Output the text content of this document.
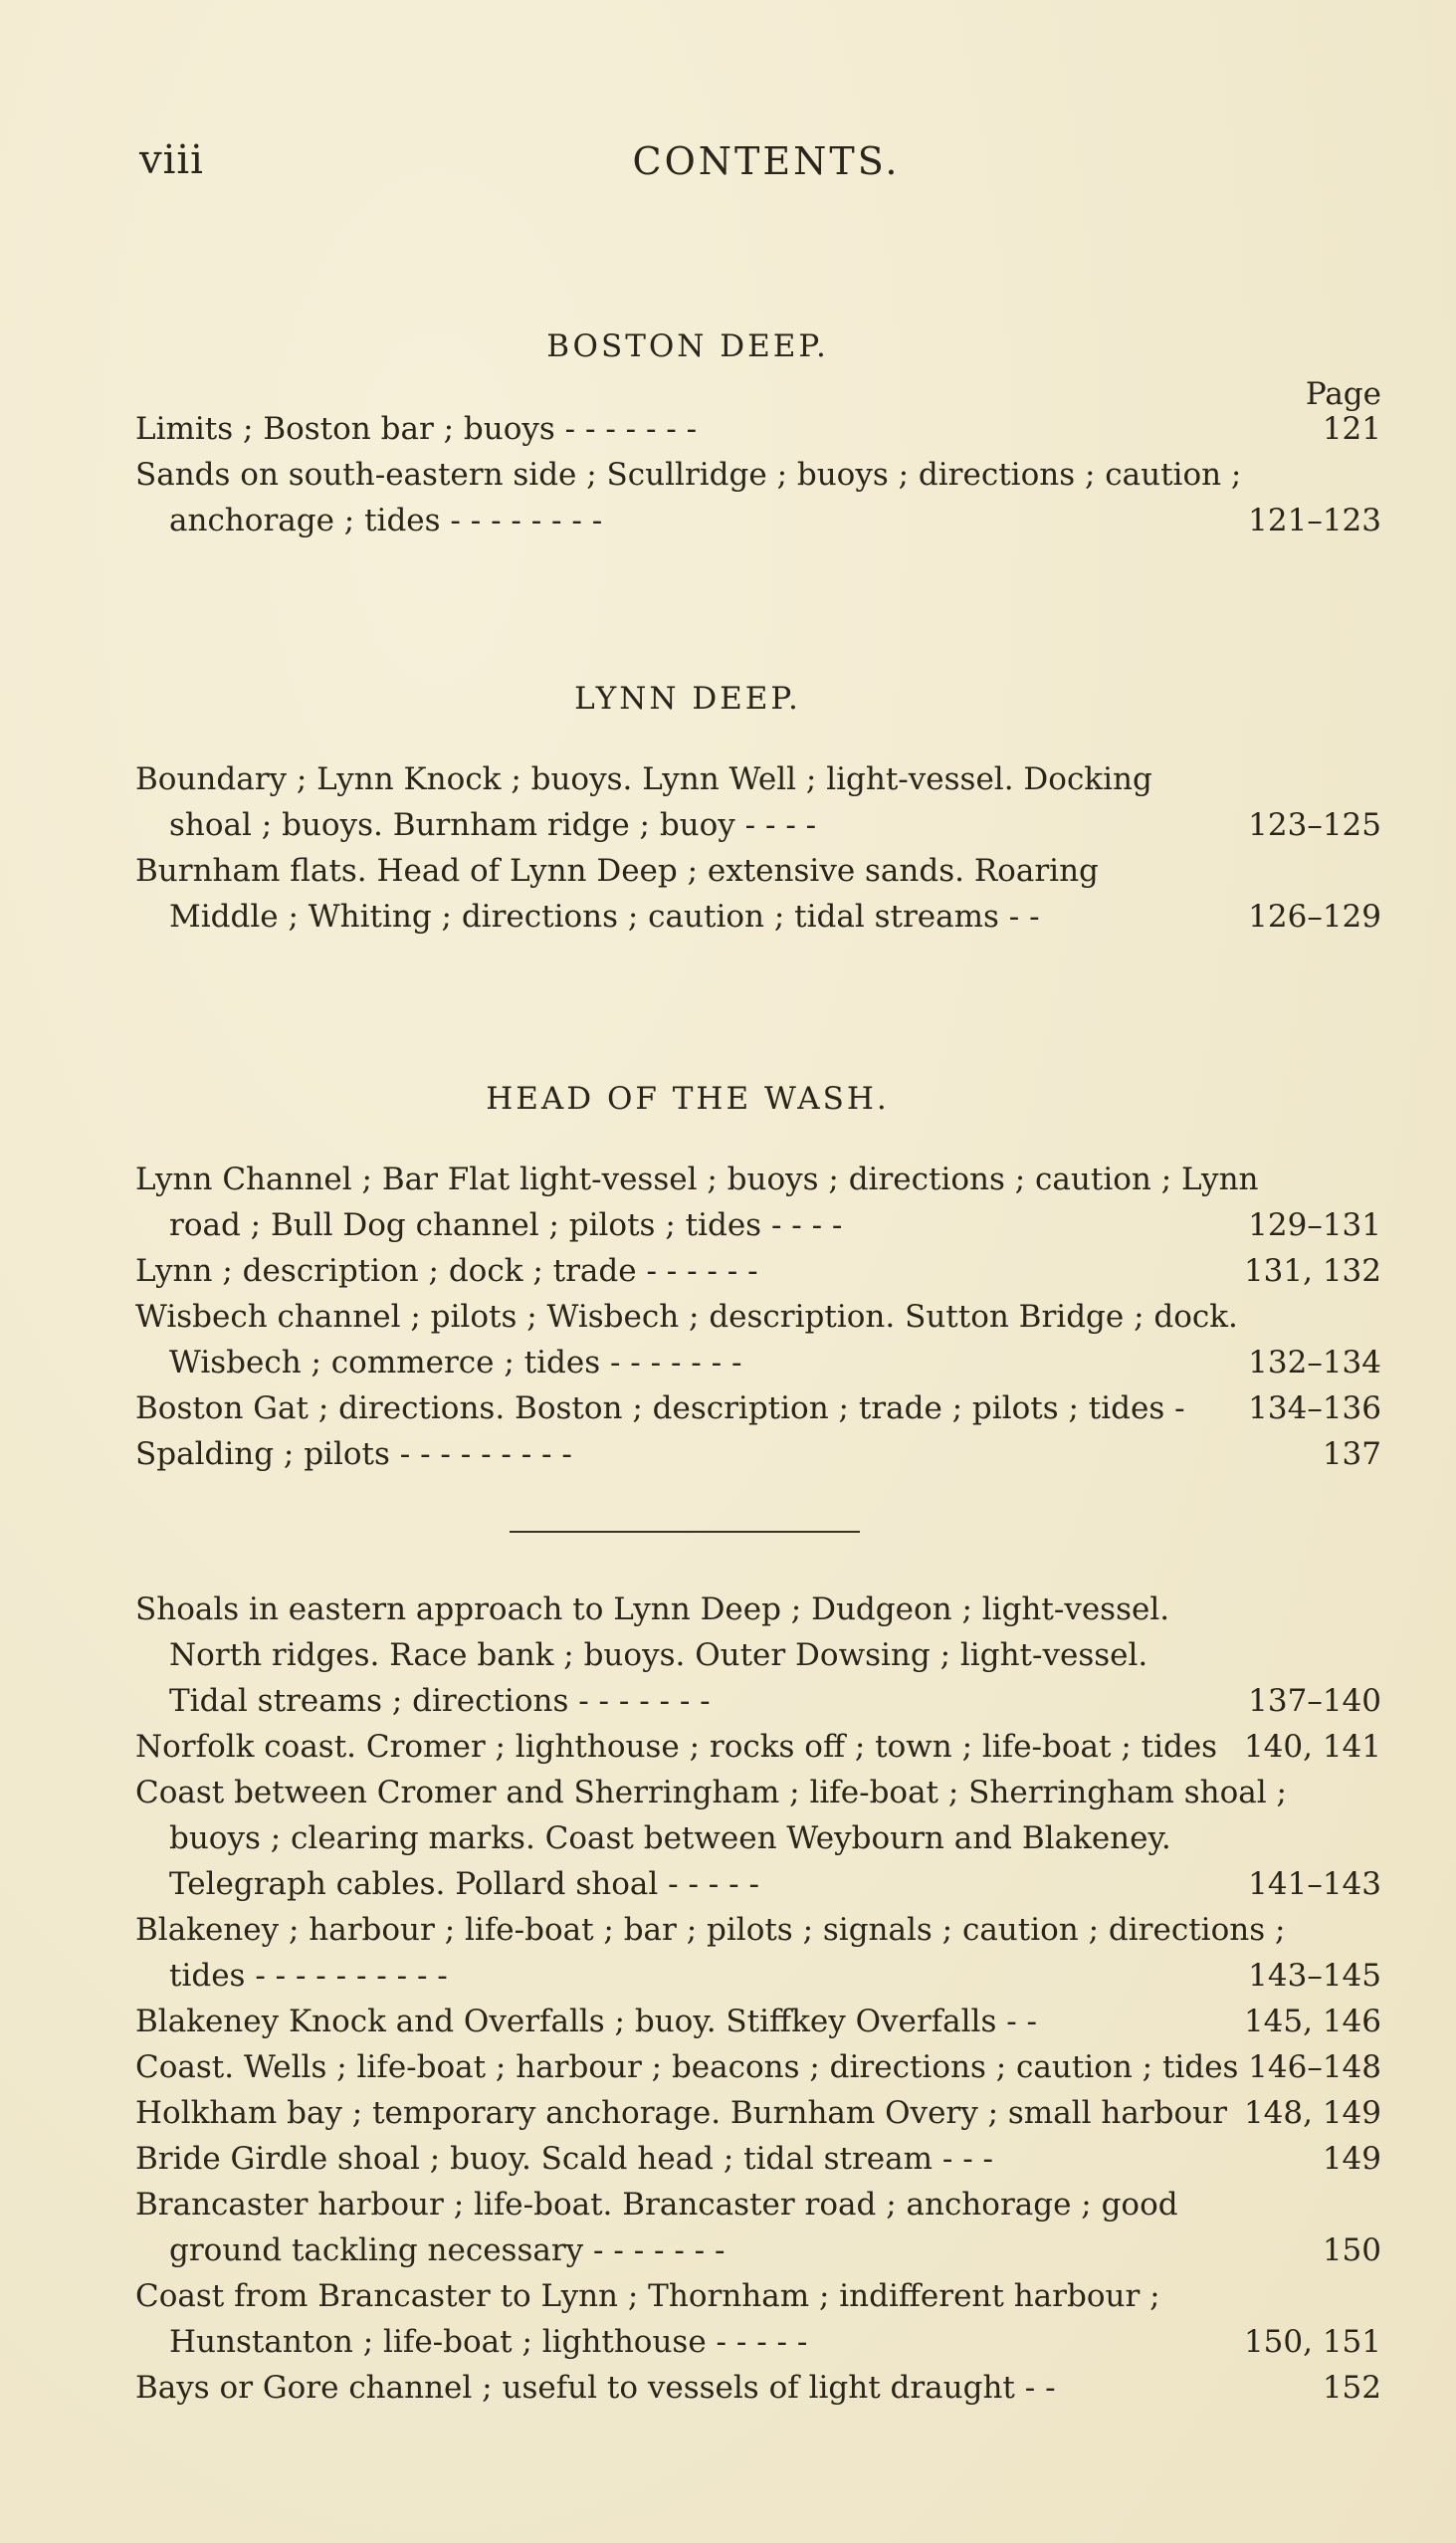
viii	CONTENTS.
BOSTON DEEP.
Page
Limits ; Boston bar ; buoys - - - - - - -	121
Sands on south-eastern side ; Scullridge ; buoys ; directions ; caution ;
anchorage ; tides - - - - - - - -	121–123
LYNN DEEP.
Boundary ; Lynn Knock ; buoys. Lynn Well ; light-vessel. Docking
shoal ; buoys. Burnham ridge ; buoy - - - -	123–125
Burnham flats. Head of Lynn Deep ; extensive sands. Roaring
Middle ; Whiting ; directions ; caution ; tidal streams - -	126–129
HEAD OF THE WASH.
Lynn Channel ; Bar Flat light-vessel ; buoys ; directions ; caution ; Lynn
road ; Bull Dog channel ; pilots ; tides - - - -	129–131
Lynn ; description ; dock ; trade - - - - - -	131, 132
Wisbech channel ; pilots ; Wisbech ; description. Sutton Bridge ; dock.
Wisbech ; commerce ; tides - - - - - - -	132–134
Boston Gat ; directions. Boston ; description ; trade ; pilots ; tides - 134–136
Spalding ; pilots - - - - - - - - -	137
Shoals in eastern approach to Lynn Deep ; Dudgeon ; light-vessel.
North ridges. Race bank ; buoys. Outer Dowsing ; light-vessel.
Tidal streams ; directions - - - - - - -	137–140
Norfolk coast. Cromer ; lighthouse ; rocks off ; town ; life-boat ; tides 140, 141
Coast between Cromer and Sherringham ; life-boat ; Sherringham shoal ;
buoys ; clearing marks. Coast between Weybourn and Blakeney.
Telegraph cables. Pollard shoal - - - - -	141–143
Blakeney ; harbour ; life-boat ; bar ; pilots ; signals ; caution ; directions ;
tides - - - - - - - - - -	143–145
Blakeney Knock and Overfalls ; buoy. Stiffkey Overfalls - -	145, 146
Coast. Wells ; life-boat ; harbour ; beacons ; directions ; caution ; tides 146–148
Holkham bay ; temporary anchorage. Burnham Overy ; small harbour 148, 149
Bride Girdle shoal ; buoy. Scald head ; tidal stream - - -	149
Brancaster harbour ; life-boat. Brancaster road ; anchorage ; good
ground tackling necessary - - - - - - -	150
Coast from Brancaster to Lynn ; Thornham ; indifferent harbour ;
Hunstanton ; life-boat ; lighthouse - - - - -	150, 151
Bays or Gore channel ; useful to vessels of light draught - -	152
